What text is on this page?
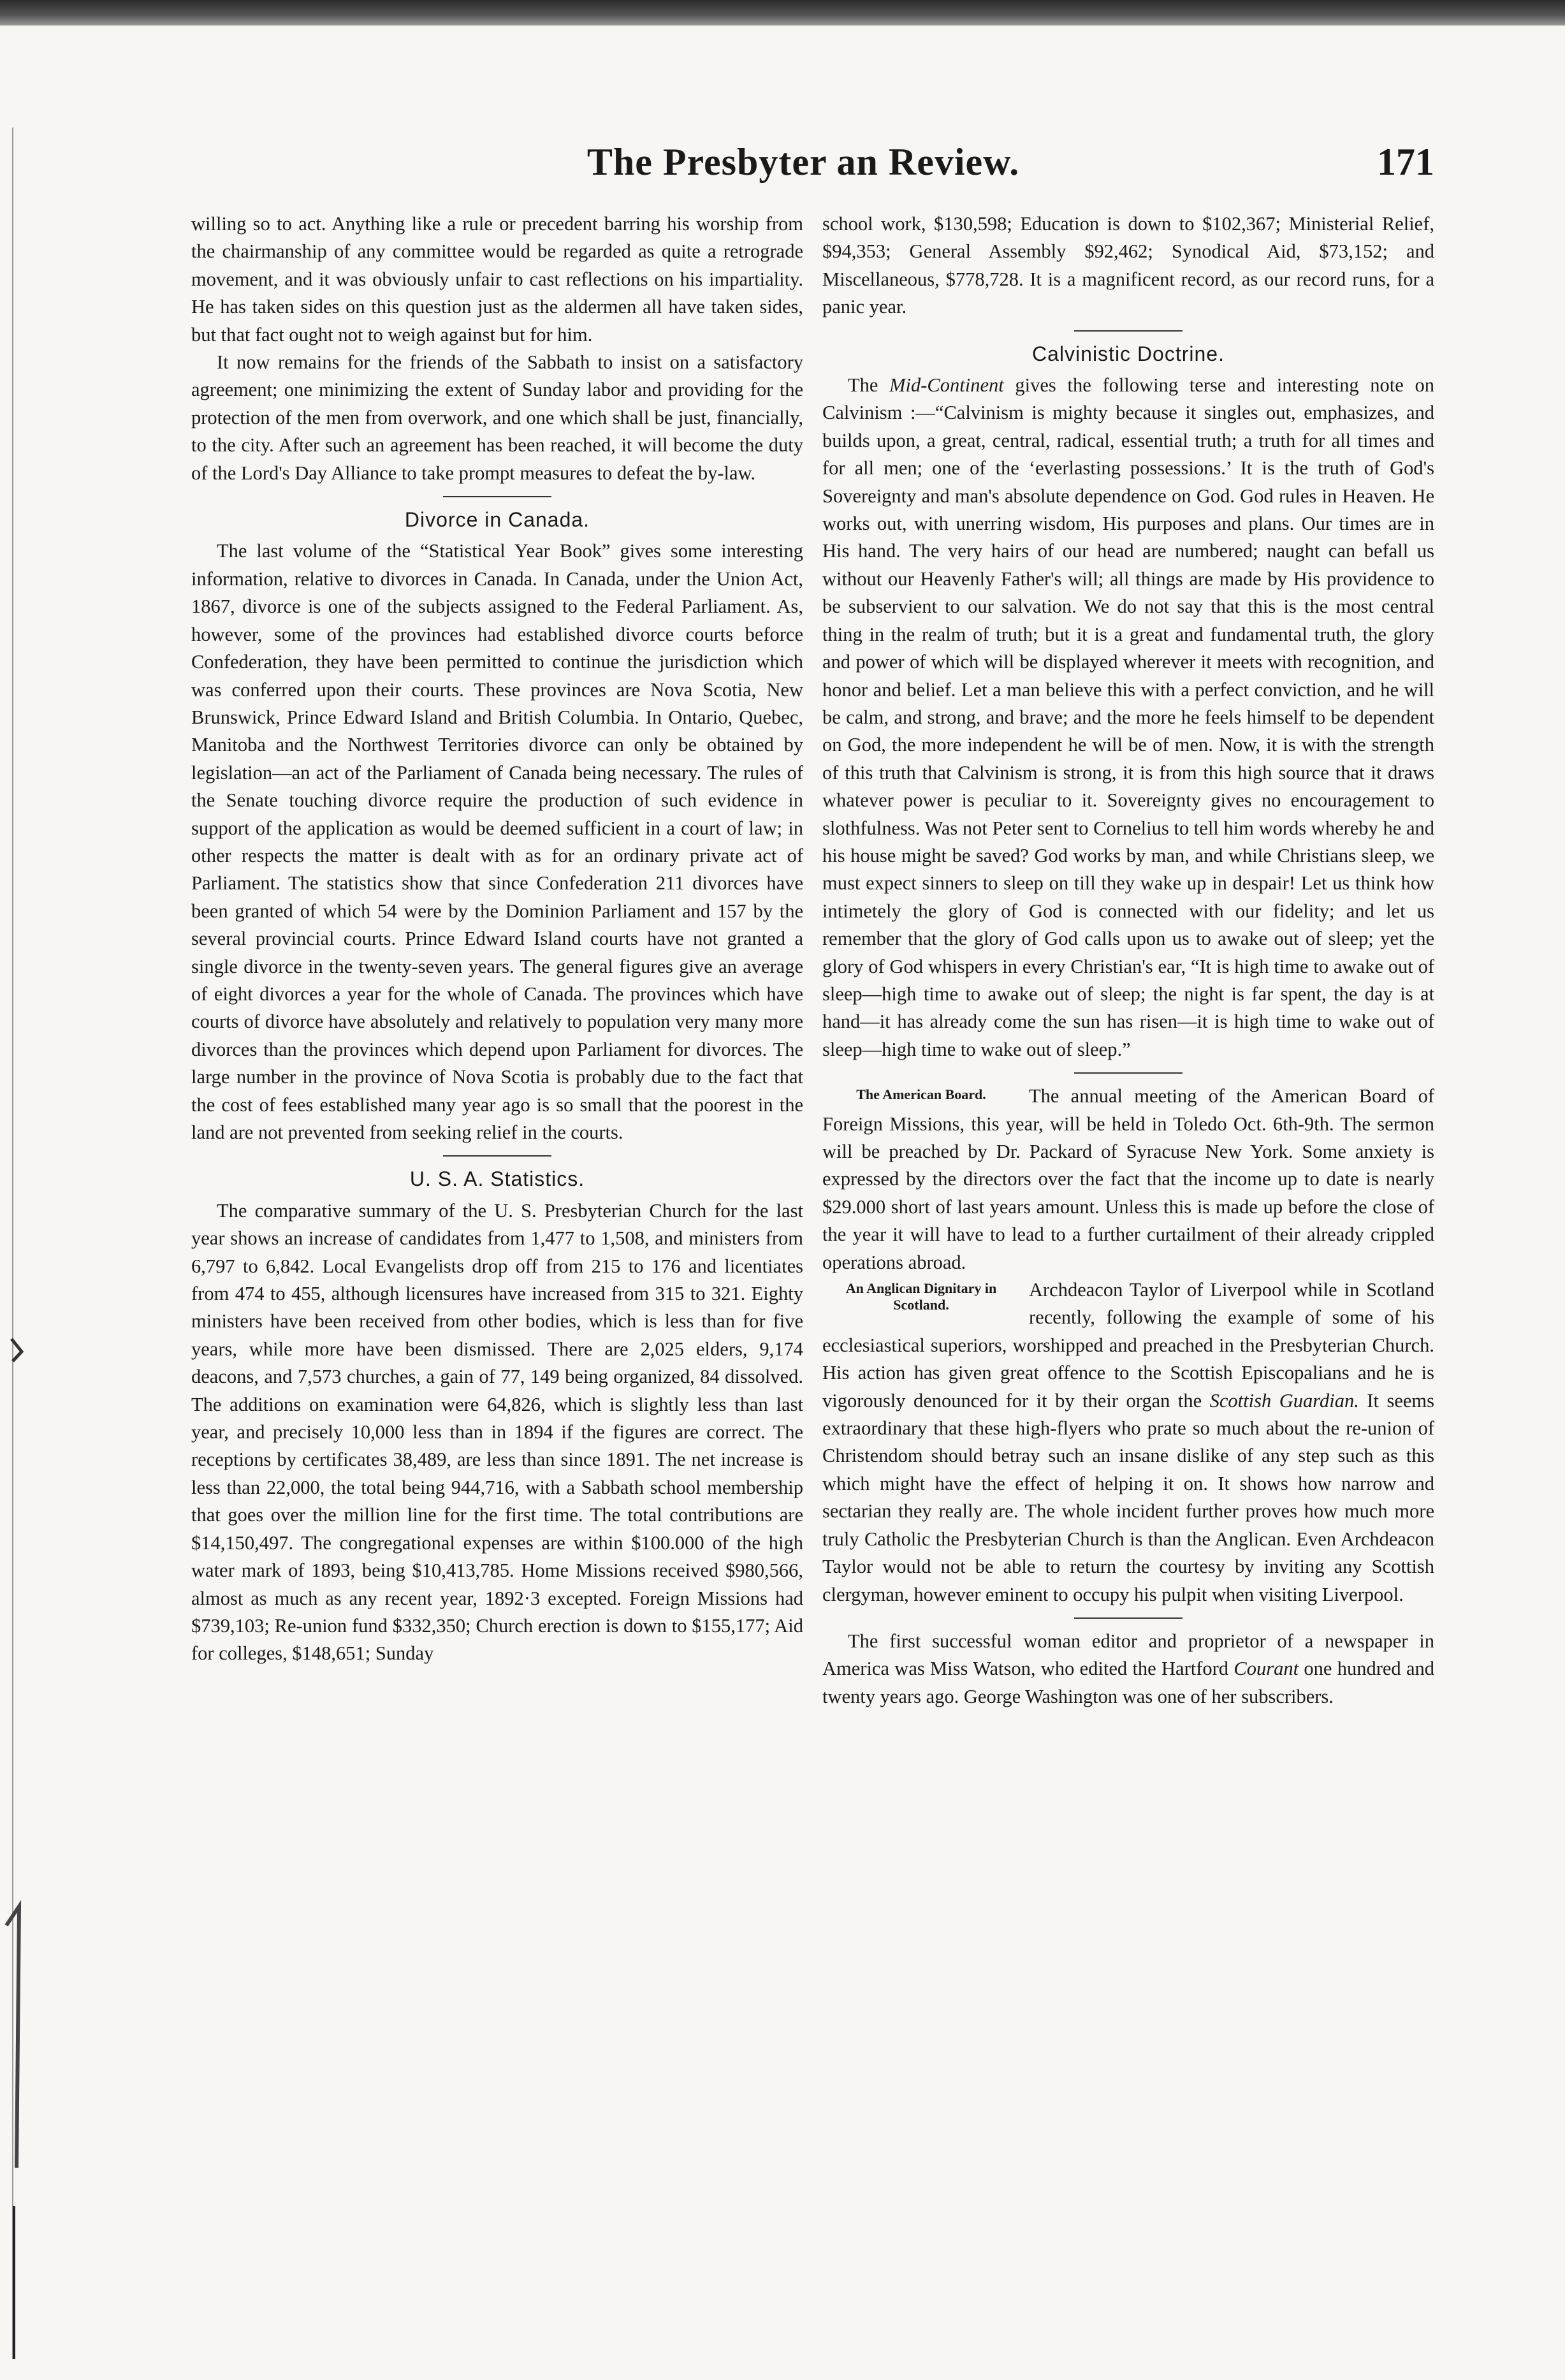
The Presbyter an Review.	171

willing so to act. Anything like a rule or precedent barring his worship from the chairmanship of any committee would be regarded as quite a retrograde movement, and it was obviously unfair to cast reflections on his impartiality. He has taken sides on this question just as the aldermen all have taken sides, but that fact ought not to weigh against but for him.

It now remains for the friends of the Sabbath to insist on a satisfactory agreement; one minimizing the extent of Sunday labor and providing for the protection of the men from overwork, and one which shall be just, financially, to the city. After such an agreement has been reached, it will become the duty of the Lord's Day Alliance to take prompt measures to defeat the by-law.

Divorce in Canada.

The last volume of the “Statistical Year Book” gives some interesting information, relative to divorces in Canada. In Canada, under the Union Act, 1867, divorce is one of the subjects assigned to the Federal Parliament. As, however, some of the provinces had established divorce courts beforce Confederation, they have been permitted to continue the jurisdiction which was conferred upon their courts. These provinces are Nova Scotia, New Brunswick, Prince Edward Island and British Columbia. In Ontario, Quebec, Manitoba and the Northwest Territories divorce can only be obtained by legislation—an act of the Parliament of Canada being necessary. The rules of the Senate touching divorce require the production of such evidence in support of the application as would be deemed sufficient in a court of law; in other respects the matter is dealt with as for an ordinary private act of Parliament. The statistics show that since Confederation 211 divorces have been granted of which 54 were by the Dominion Parliament and 157 by the several provincial courts. Prince Edward Island courts have not granted a single divorce in the twenty-seven years. The general figures give an average of eight divorces a year for the whole of Canada. The provinces which have courts of divorce have absolutely and relatively to population very many more divorces than the provinces which depend upon Parliament for divorces. The large number in the province of Nova Scotia is probably due to the fact that the cost of fees established many year ago is so small that the poorest in the land are not prevented from seeking relief in the courts.

U. S. A. Statistics.

The comparative summary of the U. S. Presbyterian Church for the last year shows an increase of candidates from 1,477 to 1,508, and ministers from 6,797 to 6,842. Local Evangelists drop off from 215 to 176 and licentiates from 474 to 455, although licensures have increased from 315 to 321. Eighty ministers have been received from other bodies, which is less than for five years, while more have been dismissed. There are 2,025 elders, 9,174 deacons, and 7,573 churches, a gain of 77, 149 being organized, 84 dissolved. The additions on examination were 64,826, which is slightly less than last year, and precisely 10,000 less than in 1894 if the figures are correct. The receptions by certificates 38,489, are less than since 1891. The net increase is less than 22,000, the total being 944,716, with a Sabbath school membership that goes over the million line for the first time. The total contributions are $14,150,497. The congregational expenses are within $100.000 of the high water mark of 1893, being $10,413,785. Home Missions received $980,566, almost as much as any recent year, 1892·3 excepted. Foreign Missions had $739,103; Re-union fund $332,350; Church erection is down to $155,177; Aid for colleges, $148,651; Sunday

school work, $130,598; Education is down to $102,367; Ministerial Relief, $94,353; General Assembly $92,462; Synodical Aid, $73,152; and Miscellaneous, $778,728. It is a magnificent record, as our record runs, for a panic year.

Calvinistic Doctrine.

The Mid-Continent gives the following terse and interesting note on Calvinism :—“Calvinism is mighty because it singles out, emphasizes, and builds upon, a great, central, radical, essential truth; a truth for all times and for all men; one of the ‘everlasting possessions.’ It is the truth of God's Sovereignty and man's absolute dependence on God. God rules in Heaven. He works out, with unerring wisdom, His purposes and plans. Our times are in His hand. The very hairs of our head are numbered; naught can befall us without our Heavenly Father's will; all things are made by His providence to be subservient to our salvation. We do not say that this is the most central thing in the realm of truth; but it is a great and fundamental truth, the glory and power of which will be displayed wherever it meets with recognition, and honor and belief. Let a man believe this with a perfect conviction, and he will be calm, and strong, and brave; and the more he feels himself to be dependent on God, the more independent he will be of men. Now, it is with the strength of this truth that Calvinism is strong, it is from this high source that it draws whatever power is peculiar to it. Sovereignty gives no encouragement to slothfulness. Was not Peter sent to Cornelius to tell him words whereby he and his house might be saved? God works by man, and while Christians sleep, we must expect sinners to sleep on till they wake up in despair! Let us think how intimetely the glory of God is connected with our fidelity; and let us remember that the glory of God calls upon us to awake out of sleep; yet the glory of God whispers in every Christian's ear, “It is high time to awake out of sleep—high time to awake out of sleep; the night is far spent, the day is at hand—it has already come the sun has risen—it is high time to wake out of sleep—high time to wake out of sleep.”

The American Board.	The annual meeting of the American Board of Foreign Missions, this year, will be held in Toledo Oct. 6th-9th. The sermon will be preached by Dr. Packard of Syracuse New York. Some anxiety is expressed by the directors over the fact that the income up to date is nearly $29.000 short of last years amount. Unless this is made up before the close of the year it will have to lead to a further curtailment of their already crippled operations abroad.

An Anglican Dignitary in Scotland.
Archdeacon Taylor of Liverpool while in Scotland recently, following the example of some of his ecclesiastical superiors, worshipped and preached in the Presbyterian Church. His action has given great offence to the Scottish Episcopalians and he is vigorously denounced for it by their organ the Scottish Guardian. It seems extraordinary that these high-flyers who prate so much about the re-union of Christendom should betray such an insane dislike of any step such as this which might have the effect of helping it on. It shows how narrow and sectarian they really are. The whole incident further proves how much more truly Catholic the Presbyterian Church is than the Anglican. Even Archdeacon Taylor would not be able to return the courtesy by inviting any Scottish clergyman, however eminent to occupy his pulpit when visiting Liverpool.

The first successful woman editor and proprietor of a newspaper in America was Miss Watson, who edited the Hartford Courant one hundred and twenty years ago. George Washington was one of her subscribers.
